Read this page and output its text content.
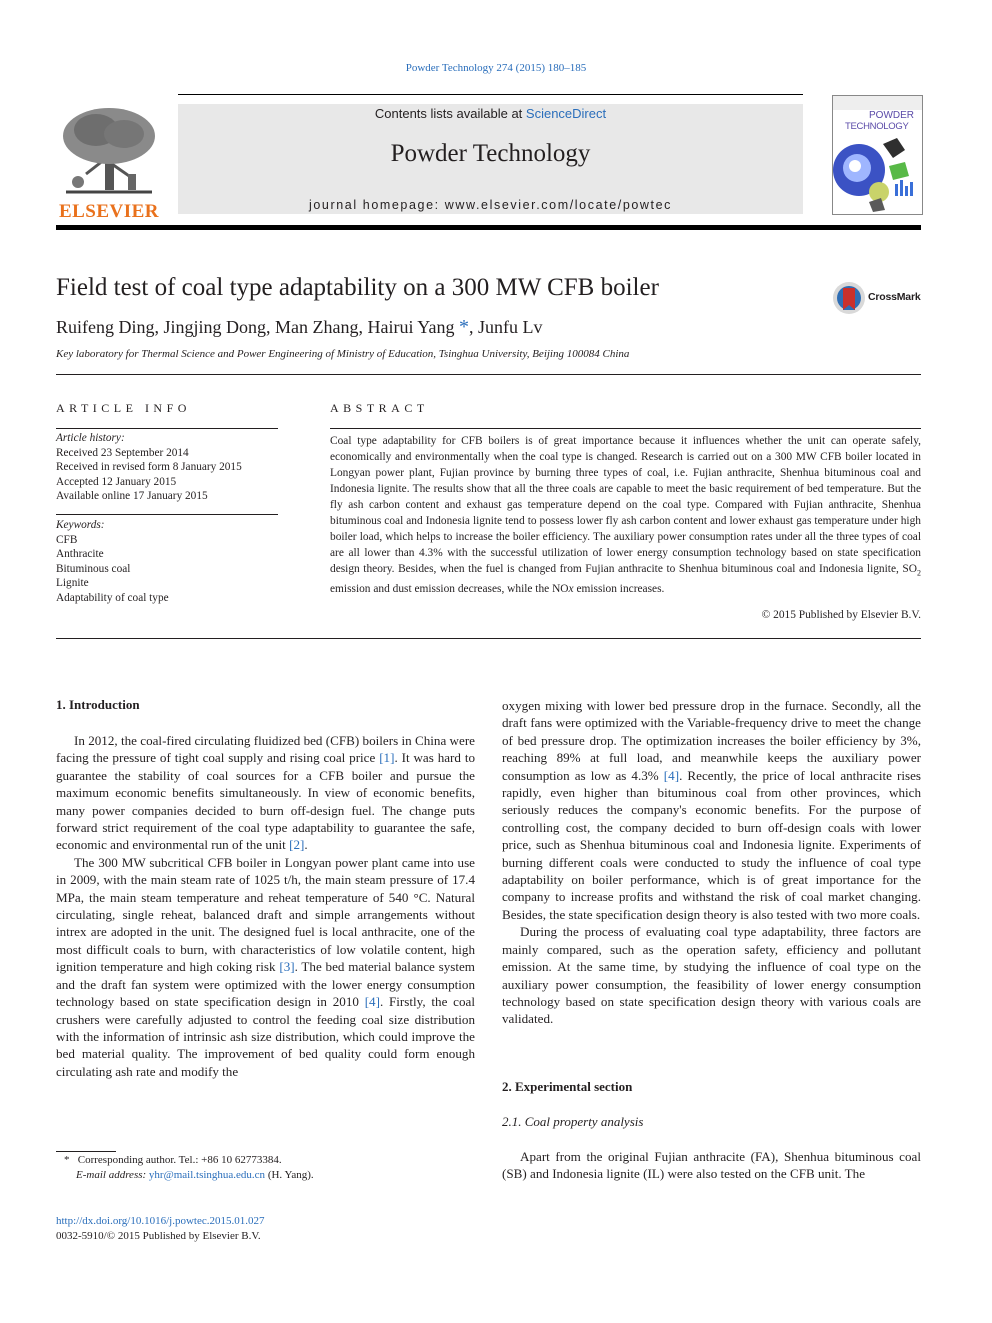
Powder Technology 274 (2015) 180–185
Contents lists available at ScienceDirect
Powder Technology
journal homepage: www.elsevier.com/locate/powtec
ELSEVIER
POWDER
TECHNOLOGY
Field test of coal type adaptability on a 300 MW CFB boiler	CrossMark
Ruifeng Ding, Jingjing Dong, Man Zhang, Hairui Yang *, Junfu Lv
Key laboratory for Thermal Science and Power Engineering of Ministry of Education, Tsinghua University, Beijing 100084 China
ARTICLE INFO
Article history:
Received 23 September 2014
Received in revised form 8 January 2015
Accepted 12 January 2015
Available online 17 January 2015
Keywords:
CFB
Anthracite
Bituminous coal
Lignite
Adaptability of coal type
ABSTRACT
Coal type adaptability for CFB boilers is of great importance because it influences whether the unit can operate safely, economically and environmentally when the coal type is changed. Research is carried out on a 300 MW CFB boiler located in Longyan power plant, Fujian province by burning three types of coal, i.e. Fujian anthracite, Shenhua bituminous coal and Indonesia lignite. The results show that all the three coals are capable to meet the basic requirement of bed temperature. But the fly ash carbon content and exhaust gas temperature depend on the coal type. Compared with Fujian anthracite, Shenhua bituminous coal and Indonesia lignite tend to possess lower fly ash carbon content and lower exhaust gas temperature under high boiler load, which helps to increase the boiler efficiency. The auxiliary power consumption rates under all the three types of coal are all lower than 4.3% with the successful utilization of lower energy consumption technology based on state specification design theory. Besides, when the fuel is changed from Fujian anthracite to Shenhua bituminous coal and Indonesia lignite, $SO_2$ emission and dust emission decreases, while the NOx emission increases.
© 2015 Published by Elsevier B.V.
1. Introduction

In 2012, the coal-fired circulating fluidized bed (CFB) boilers in China were facing the pressure of tight coal supply and rising coal price [1]. It was hard to guarantee the stability of coal sources for a CFB boiler and pursue the maximum economic benefits simultaneously. In view of economic benefits, many power companies decided to burn off-design fuel. The change puts forward strict requirement of the coal type adaptability to guarantee the safe, economic and environmental run of the unit [2].

The 300 MW subcritical CFB boiler in Longyan power plant came into use in 2009, with the main steam rate of 1025 t/h, the main steam pressure of 17.4 MPa, the main steam temperature and reheat temperature of 540 °C. Natural circulating, single reheat, balanced draft and simple arrangements without intrex are adopted in the unit. The designed fuel is local anthracite, one of the most difficult coals to burn, with characteristics of low volatile content, high ignition temperature and high coking risk [3]. The bed material balance system and the draft fan system were optimized with the lower energy consumption technology based on state specification design in 2010 [4]. Firstly, the coal crushers were carefully adjusted to control the feeding coal size distribution with the information of intrinsic ash size distribution, which could improve the bed material quality. The improvement of bed quality could form enough circulating ash rate and modify the

oxygen mixing with lower bed pressure drop in the furnace. Secondly, all the draft fans were optimized with the Variable-frequency drive to meet the change of bed pressure drop. The optimization increases the boiler efficiency by 3%, reaching 89% at full load, and meanwhile keeps the auxiliary power consumption as low as 4.3% [4]. Recently, the price of local anthracite rises rapidly, even higher than bituminous coal from other provinces, which seriously reduces the company's economic benefits. For the purpose of controlling cost, the company decided to burn off-design coals with lower price, such as Shenhua bituminous coal and Indonesia lignite. Experiments of burning different coals were conducted to study the influence of coal type adaptability on boiler performance, which is of great importance for the company to increase profits and withstand the risk of coal market changing. Besides, the state specification design theory is also tested with two more coals.

During the process of evaluating coal type adaptability, three factors are mainly compared, such as the operation safety, efficiency and pollutant emission. At the same time, by studying the influence of coal type on the auxiliary power consumption, the feasibility of lower energy consumption technology based on state specification design theory with various coals are validated.

2. Experimental section
2.1. Coal property analysis

Apart from the original Fujian anthracite (FA), Shenhua bituminous coal (SB) and Indonesia lignite (IL) were also tested on the CFB unit. The

* Corresponding author. Tel.: +86 10 62773384.
E-mail address: yhr@mail.tsinghua.edu.cn (H. Yang).
http://dx.doi.org/10.1016/j.powtec.2015.01.027
0032-5910/© 2015 Published by Elsevier B.V.
